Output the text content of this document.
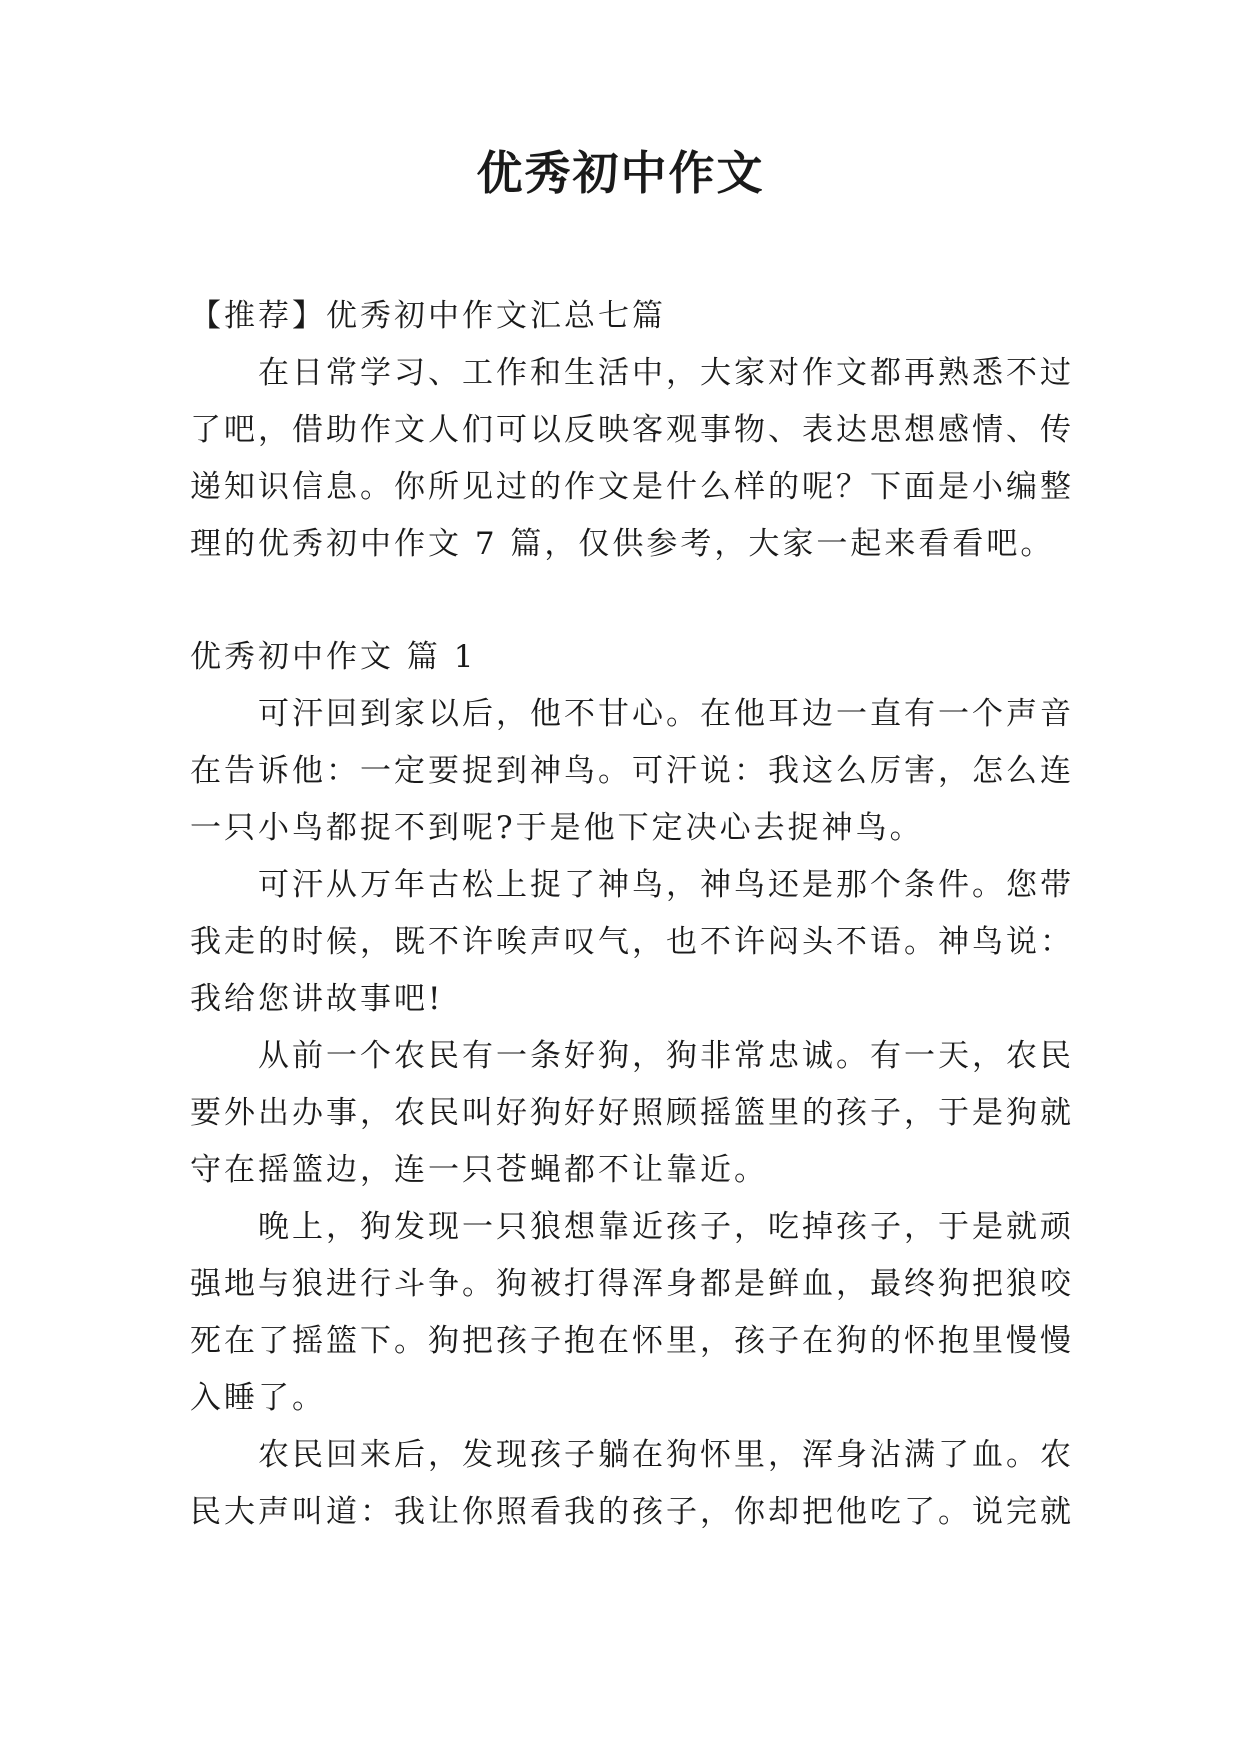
优秀初中作文
【推荐】优秀初中作文汇总七篇
在日常学习、工作和生活中，大家对作文都再熟悉不过
了吧，借助作文人们可以反映客观事物、表达思想感情、传
递知识信息。你所见过的作文是什么样的呢？下面是小编整
理的优秀初中作文 7 篇，仅供参考，大家一起来看看吧。
优秀初中作文 篇 1
可汗回到家以后，他不甘心。在他耳边一直有一个声音
在告诉他：一定要捉到神鸟。可汗说：我这么厉害，怎么连
一只小鸟都捉不到呢?于是他下定决心去捉神鸟。
可汗从万年古松上捉了神鸟，神鸟还是那个条件。您带
我走的时候，既不许唉声叹气，也不许闷头不语。神鸟说：
我给您讲故事吧!
从前一个农民有一条好狗，狗非常忠诚。有一天，农民
要外出办事，农民叫好狗好好照顾摇篮里的孩子，于是狗就
守在摇篮边，连一只苍蝇都不让靠近。
晚上，狗发现一只狼想靠近孩子，吃掉孩子，于是就顽
强地与狼进行斗争。狗被打得浑身都是鲜血，最终狗把狼咬
死在了摇篮下。狗把孩子抱在怀里，孩子在狗的怀抱里慢慢
入睡了。
农民回来后，发现孩子躺在狗怀里，浑身沾满了血。农
民大声叫道：我让你照看我的孩子，你却把他吃了。说完就
